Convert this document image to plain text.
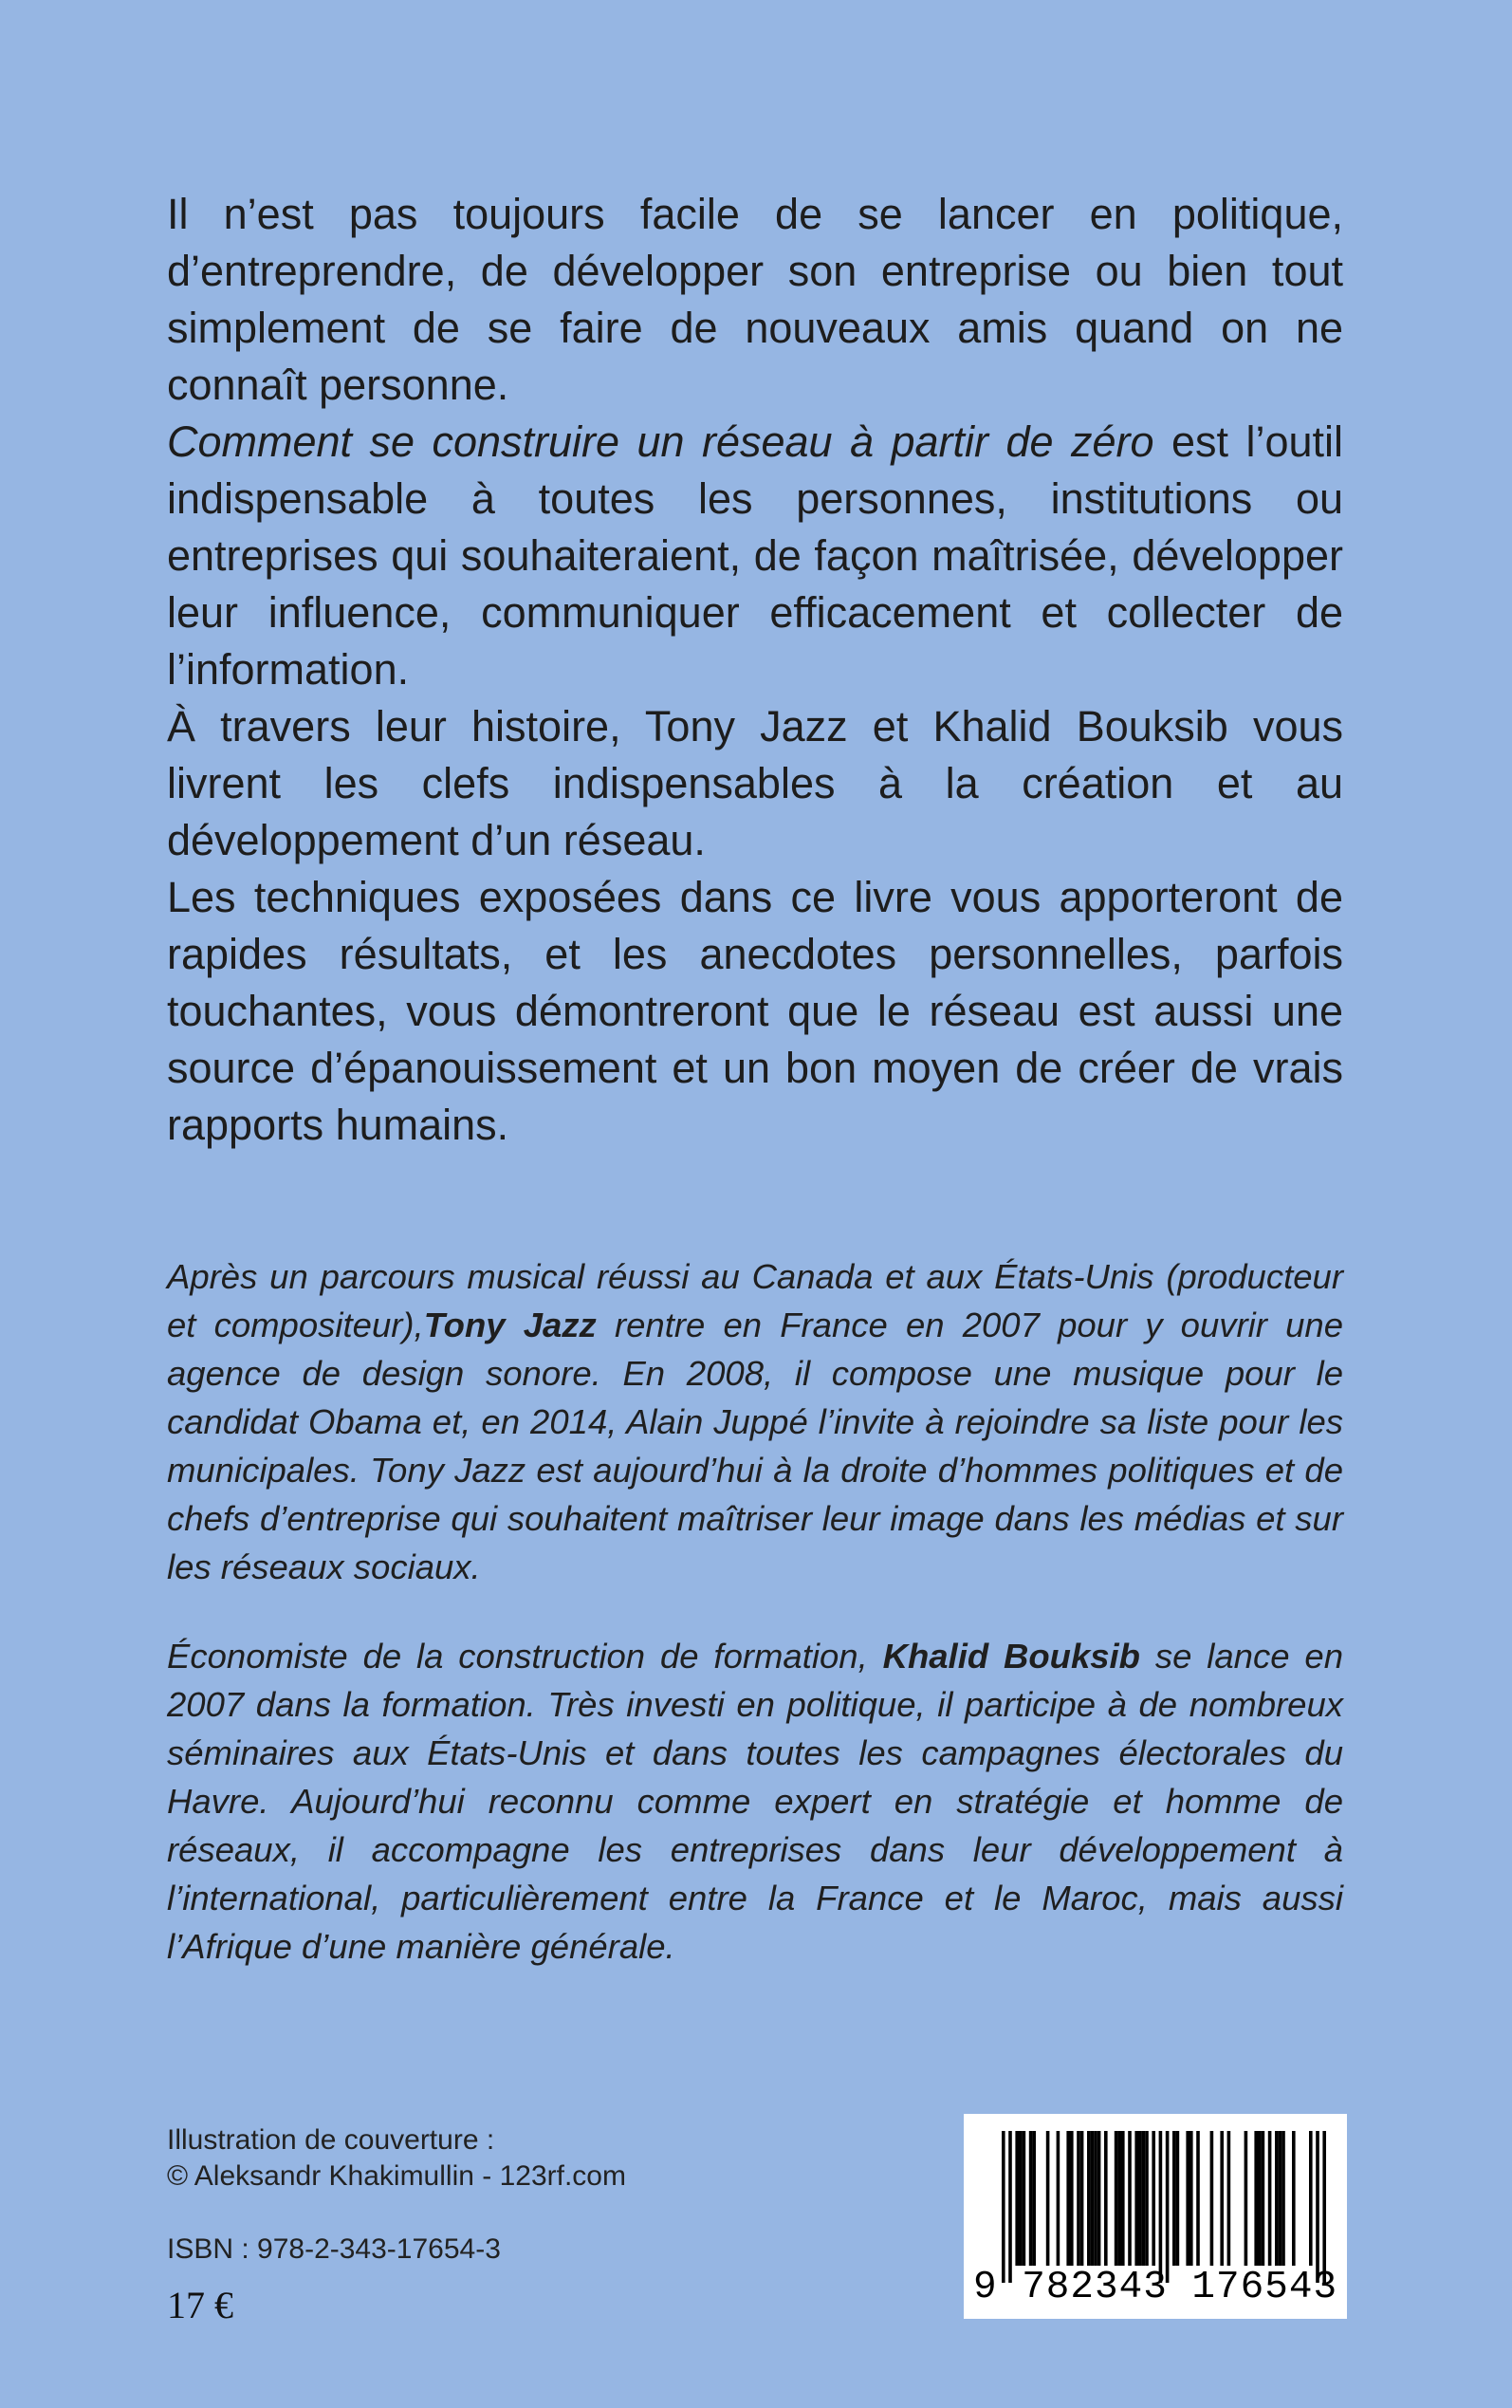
Il n’est pas toujours facile de se lancer en politique, d’entreprendre, de développer son entreprise ou bien tout simplement de se faire de nouveaux amis quand on ne connaît personne.

Comment se construire un réseau à partir de zéro est l’outil indispensable à toutes les personnes, institutions ou entreprises qui souhaiteraient, de façon maîtrisée, développer leur influence, communiquer efficacement et collecter de l’information.

À travers leur histoire, Tony Jazz et Khalid Bouksib vous livrent les clefs indispensables à la création et au développement d’un réseau.

Les techniques exposées dans ce livre vous apporteront de rapides résultats, et les anecdotes personnelles, parfois touchantes, vous démontreront que le réseau est aussi une source d’épanouissement et un bon moyen de créer de vrais rapports humains.

Après un parcours musical réussi au Canada et aux États-Unis (producteur et compositeur),Tony Jazz rentre en France en 2007 pour y ouvrir une agence de design sonore. En 2008, il compose une musique pour le candidat Obama et, en 2014, Alain Juppé l’invite à rejoindre sa liste pour les municipales. Tony Jazz est aujourd’hui à la droite d’hommes politiques et de chefs d’entreprise qui souhaitent maîtriser leur image dans les médias et sur les réseaux sociaux.

Économiste de la construction de formation, Khalid Bouksib se lance en 2007 dans la formation. Très investi en politique, il participe à de nombreux séminaires aux États-Unis et dans toutes les campagnes électorales du Havre. Aujourd’hui reconnu comme expert en stratégie et homme de réseaux, il accompagne les entreprises dans leur développement à l’international, particulièrement entre la France et le Maroc, mais aussi l’Afrique d’une manière générale.

Illustration de couverture :
© Aleksandr Khakimullin - 123rf.com
ISBN : 978-2-343-17654-3
17 €	9 782343 176543
